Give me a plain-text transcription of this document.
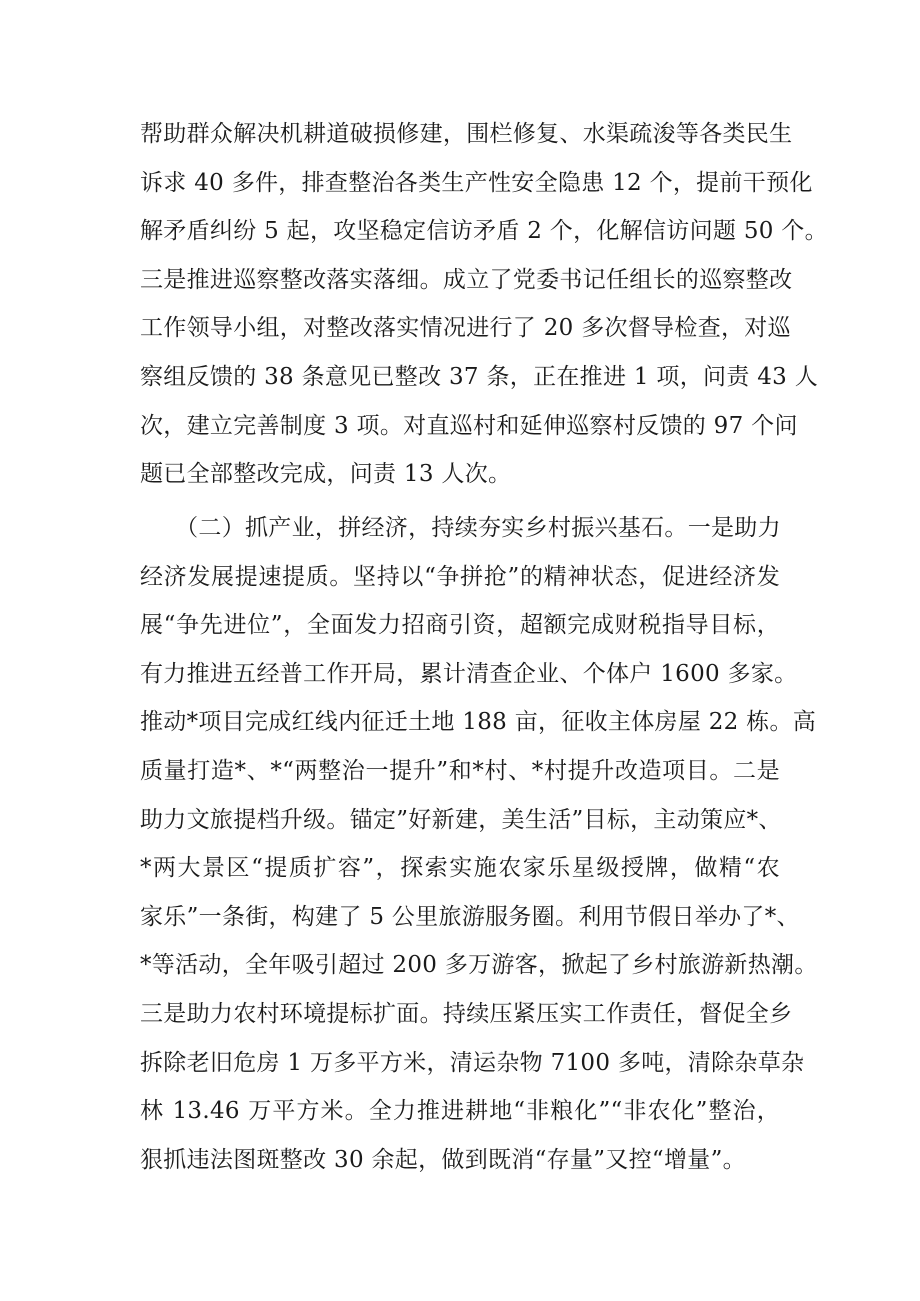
帮助群众解决机耕道破损修建，围栏修复、水渠疏浚等各类民生
诉求 40 多件，排查整治各类生产性安全隐患 12 个，提前干预化
解矛盾纠纷 5 起，攻坚稳定信访矛盾 2 个，化解信访问题 50 个。
三是推进巡察整改落实落细。成立了党委书记任组长的巡察整改
工作领导小组，对整改落实情况进行了 20 多次督导检查，对巡
察组反馈的 38 条意见已整改 37 条，正在推进 1 项，问责 43 人
次，建立完善制度 3 项。对直巡村和延伸巡察村反馈的 97 个问
题已全部整改完成，问责 13 人次。
　　（二）抓产业，拼经济，持续夯实乡村振兴基石。一是助力
经济发展提速提质。坚持以“争拼抢”的精神状态，促进经济发
展“争先进位”，全面发力招商引资，超额完成财税指导目标，
有力推进五经普工作开局，累计清查企业、个体户 1600 多家。
推动*项目完成红线内征迁土地 188 亩，征收主体房屋 22 栋。高
质量打造*、*“两整治一提升”和*村、*村提升改造项目。二是
助力文旅提档升级。锚定”好新建，美生活”目标，主动策应*、
*两大景区“提质扩容”，探索实施农家乐星级授牌，做精“农
家乐”一条街，构建了 5 公里旅游服务圈。利用节假日举办了*、
*等活动，全年吸引超过 200 多万游客，掀起了乡村旅游新热潮。
三是助力农村环境提标扩面。持续压紧压实工作责任，督促全乡
拆除老旧危房 1 万多平方米，清运杂物 7100 多吨，清除杂草杂
林 13.46 万平方米。全力推进耕地“非粮化”“非农化”整治，
狠抓违法图斑整改 30 余起，做到既消“存量”又控“增量”。
